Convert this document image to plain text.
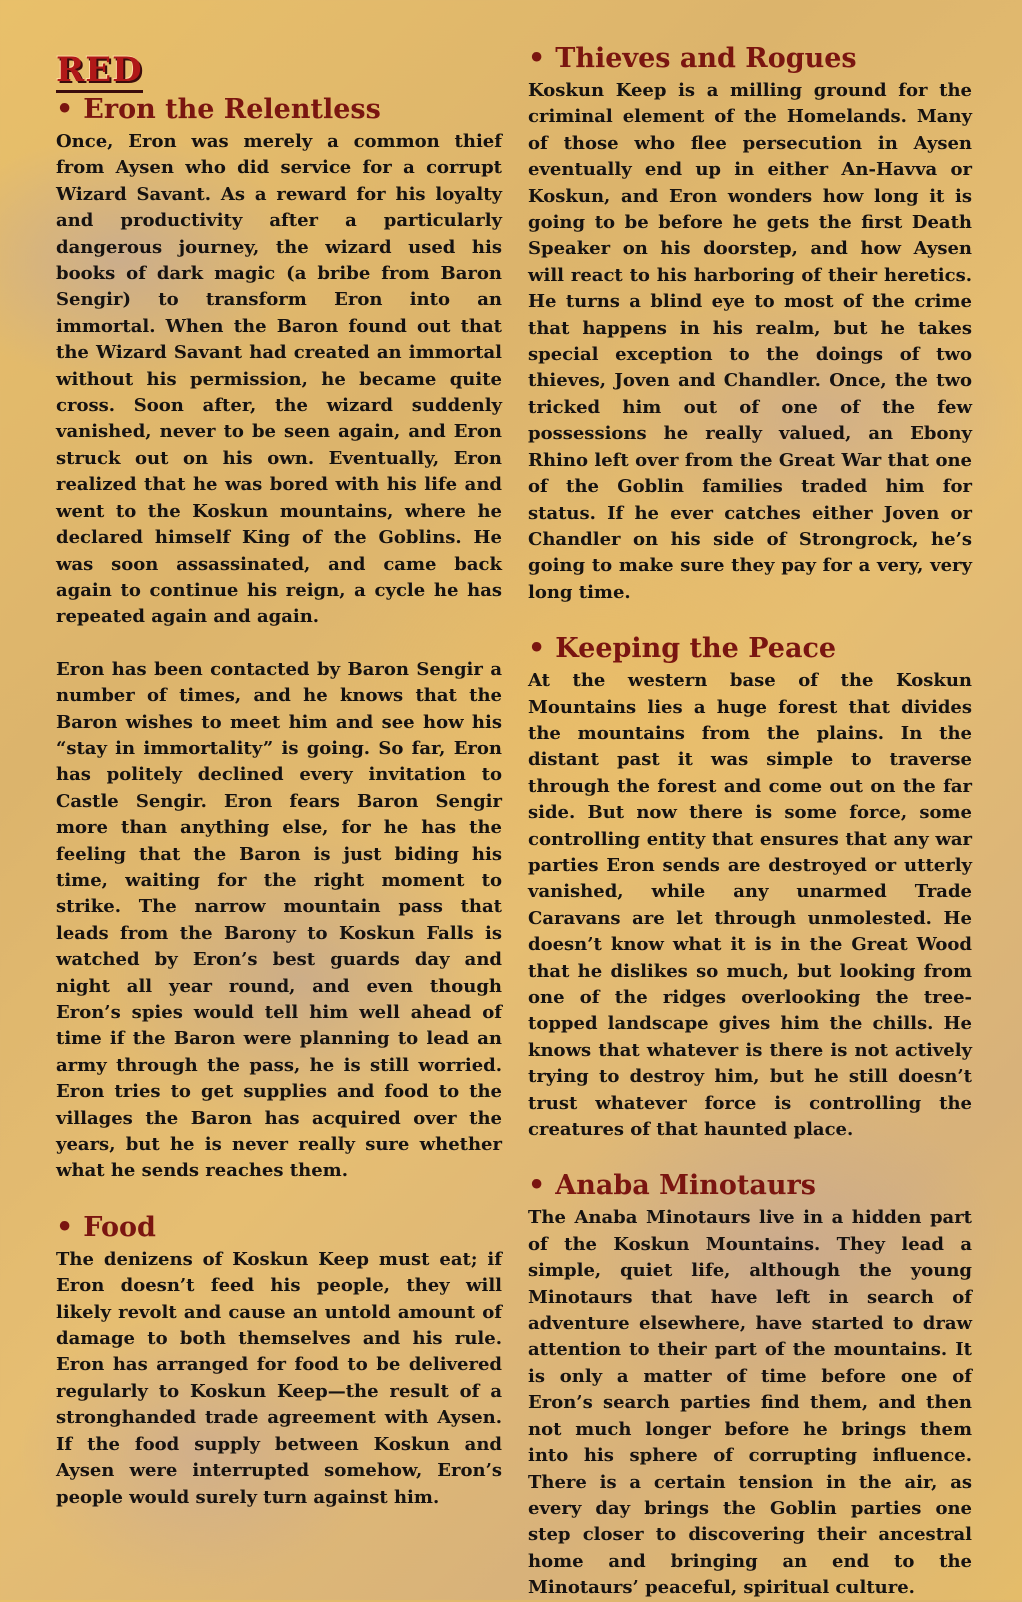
RED
• Eron the Relentless

Once, Eron was merely a common thief from Aysen who did service for a corrupt Wizard Savant. As a reward for his loyalty and productivity after a particularly dangerous journey, the wizard used his books of dark magic (a bribe from Baron Sengir) to transform Eron into an immortal. When the Baron found out that the Wizard Savant had created an immortal without his permission, he became quite cross. Soon after, the wizard suddenly vanished, never to be seen again, and Eron struck out on his own. Eventually, Eron realized that he was bored with his life and went to the Koskun mountains, where he declared himself King of the Goblins. He was soon assassinated, and came back again to continue his reign, a cycle he has repeated again and again.

Eron has been contacted by Baron Sengir a number of times, and he knows that the Baron wishes to meet him and see how his “stay in immortality” is going. So far, Eron has politely declined every invitation to Castle Sengir. Eron fears Baron Sengir more than anything else, for he has the feeling that the Baron is just biding his time, waiting for the right moment to strike. The narrow mountain pass that leads from the Barony to Koskun Falls is watched by Eron’s best guards day and night all year round, and even though Eron’s spies would tell him well ahead of time if the Baron were planning to lead an army through the pass, he is still worried. Eron tries to get supplies and food to the villages the Baron has acquired over the years, but he is never really sure whether what he sends reaches them.

• Food

The denizens of Koskun Keep must eat; if Eron doesn’t feed his people, they will likely revolt and cause an untold amount of damage to both themselves and his rule. Eron has arranged for food to be delivered regularly to Koskun Keep—the result of a stronghanded trade agreement with Aysen. If the food supply between Koskun and Aysen were interrupted somehow, Eron’s people would surely turn against him.

• Thieves and Rogues

Koskun Keep is a milling ground for the criminal element of the Homelands. Many of those who flee persecution in Aysen eventually end up in either An-Havva or Koskun, and Eron wonders how long it is going to be before he gets the first Death Speaker on his doorstep, and how Aysen will react to his harboring of their heretics. He turns a blind eye to most of the crime that happens in his realm, but he takes special exception to the doings of two thieves, Joven and Chandler. Once, the two tricked him out of one of the few possessions he really valued, an Ebony Rhino left over from the Great War that one of the Goblin families traded him for status. If he ever catches either Joven or Chandler on his side of Strongrock, he’s going to make sure they pay for a very, very long time.

• Keeping the Peace

At the western base of the Koskun Mountains lies a huge forest that divides the mountains from the plains. In the distant past it was simple to traverse through the forest and come out on the far side. But now there is some force, some controlling entity that ensures that any war parties Eron sends are destroyed or utterly vanished, while any unarmed Trade Caravans are let through unmolested. He doesn’t know what it is in the Great Wood that he dislikes so much, but looking from one of the ridges overlooking the tree-topped landscape gives him the chills. He knows that whatever is there is not actively trying to destroy him, but he still doesn’t trust whatever force is controlling the creatures of that haunted place.

• Anaba Minotaurs

The Anaba Minotaurs live in a hidden part of the Koskun Mountains. They lead a simple, quiet life, although the young Minotaurs that have left in search of adventure elsewhere, have started to draw attention to their part of the mountains. It is only a matter of time before one of Eron’s search parties find them, and then not much longer before he brings them into his sphere of corrupting influence. There is a certain tension in the air, as every day brings the Goblin parties one step closer to discovering their ancestral home and bringing an end to the Minotaurs’ peaceful, spiritual culture.
